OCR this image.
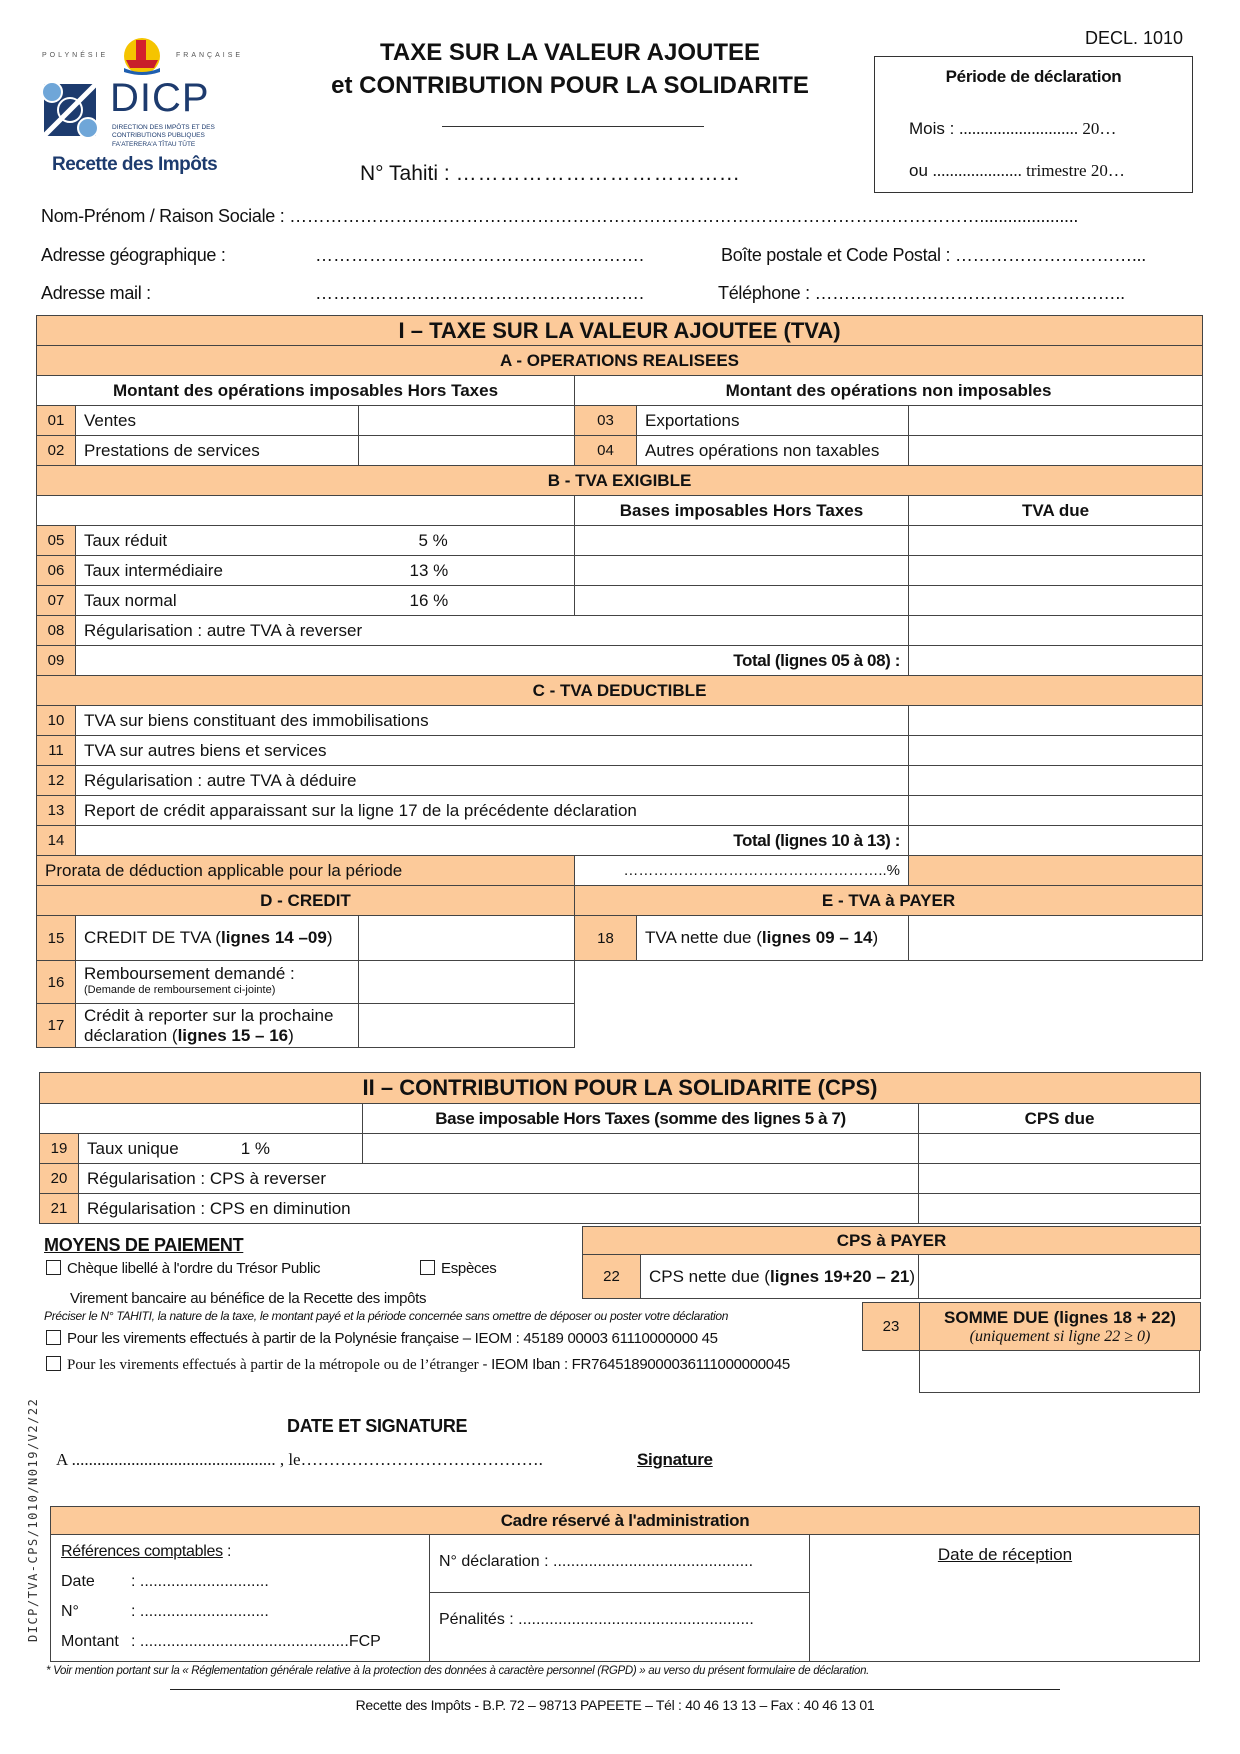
POLYNÉSIE	FRANÇAISE
DICP
DIRECTION DES IMPÔTS ET DES
CONTRIBUTIONS PUBLIQUES
FA'ATERERA'A TĪTAU TŪTE
Recette des Impôts
TAXE SUR LA VALEUR AJOUTEE
et CONTRIBUTION POUR LA SOLIDARITE
N° Tahiti : ………………………………...
DECL. 1010
Période de déclaration
Mois : ............................ 20…
ou ..................... trimestre 20…
Nom-Prénom / Raison Sociale : ……………………………………………………………………………………………………….....................
Adresse géographique :	……………………………………………….	Boîte postale et Code Postal : …………………………...
Adresse mail :	……………………………………………….	Téléphone : ……………………………………………..
I – TAXE SUR LA VALEUR AJOUTEE (TVA)					
A - OPERATIONS REALISEES					
Montant des opérations imposables Hors Taxes			Montant des opérations non imposables		
01	Ventes		03	Exportations	
02	Prestations de services		04	Autres opérations non taxables	
B - TVA EXIGIBLE					
			Bases imposables Hors Taxes		TVA due
05	Taux réduit	5 %			
06	Taux intermédiaire	13 %			
07	Taux normal	16 %			
08	Régularisation : autre TVA à reverser				
09	Total (lignes 05 à 08) :				
C - TVA DEDUCTIBLE					
10	TVA sur biens constituant des immobilisations				
11	TVA sur autres biens et services				
12	Régularisation : autre TVA à déduire				
13	Report de crédit apparaissant sur la ligne 17 de la précédente déclaration				
14	Total (lignes 10 à 13) :				
Prorata de déduction applicable pour la période			……………………………………………..%		
D - CREDIT			E - TVA à PAYER		
15	CREDIT DE TVA (lignes 14 –09)		18	TVA nette due (lignes 09 – 14)	
16	Remboursement demandé :
(Demande de remboursement ci-jointe)				

17	Crédit à reporter sur la prochaine
déclaration (lignes 15 – 16)				

II – CONTRIBUTION POUR LA SOLIDARITE (CPS)			
		Base imposable Hors Taxes (somme des lignes 5 à 7)	CPS due
19	Taux unique 1 %		
20	Régularisation : CPS à reverser		
21	Régularisation : CPS en diminution		
CPS à PAYER
22	CPS nette due (lignes 19+20 – 21)	
23	SOMME DUE (lignes 18 + 22)
(uniquement si ligne 22 ≥ 0)
MOYENS DE PAIEMENT
Chèque libellé à l'ordre du Trésor Public	Espèces
Virement bancaire au bénéfice de la Recette des impôts
Préciser le N° TAHITI, la nature de la taxe, le montant payé et la période concernée sans omettre de déposer ou poster votre déclaration
Pour les virements effectués à partir de la Polynésie française – IEOM : 45189 00003 61110000000 45
Pour les virements effectués à partir de la métropole ou de l’étranger - IEOM Iban : FR7645189000036111000000045
DATE ET SIGNATURE
A ................................................ , le…………………………………….	Signature
Cadre réservé à l'administration
Références comptables :
Date : .............................
N°	: .............................
Montant : ...............................................FCP
N° déclaration : .............................................
Pénalités : .....................................................
Date de réception
* Voir mention portant sur la « Réglementation générale relative à la protection des données à caractère personnel (RGPD) » au verso du présent formulaire de déclaration.
Recette des Impôts - B.P. 72 – 98713 PAPEETE – Tél : 40 46 13 13 – Fax : 40 46 13 01
DICP/TVA-CPS/1010/N019/V2/22
